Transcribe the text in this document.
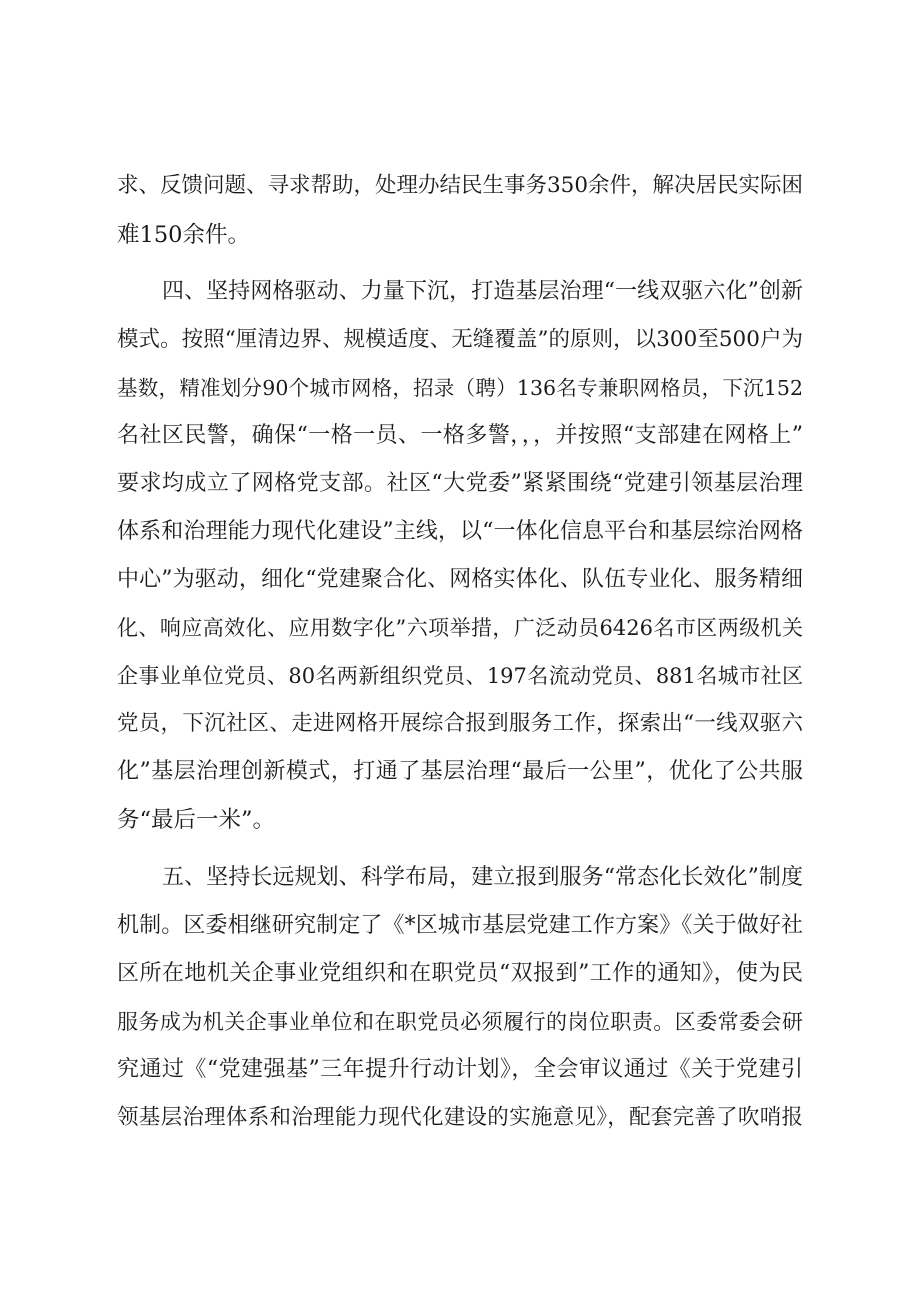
求、反馈问题、寻求帮助，处理办结民生事务350余件，解决居民实际困
难150余件。
四、坚持网格驱动、力量下沉，打造基层治理“一线双驱六化”创新
模式。按照“厘清边界、规模适度、无缝覆盖”的原则，以300至500户为
基数，精准划分90个城市网格，招录（聘）136名专兼职网格员，下沉152
名社区民警，确保“一格一员、一格多警，，，并按照“支部建在网格上”
要求均成立了网格党支部。社区“大党委”紧紧围绕“党建引领基层治理
体系和治理能力现代化建设”主线，以“一体化信息平台和基层综治网格
中心”为驱动，细化“党建聚合化、网格实体化、队伍专业化、服务精细
化、响应高效化、应用数字化”六项举措，广泛动员6426名市区两级机关
企事业单位党员、80名两新组织党员、197名流动党员、881名城市社区
党员，下沉社区、走进网格开展综合报到服务工作，探索出“一线双驱六
化”基层治理创新模式，打通了基层治理“最后一公里”，优化了公共服
务“最后一米”。
五、坚持长远规划、科学布局，建立报到服务“常态化长效化”制度
机制。区委相继研究制定了《*区城市基层党建工作方案》《关于做好社
区所在地机关企事业党组织和在职党员“双报到”工作的通知》，使为民
服务成为机关企事业单位和在职党员必须履行的岗位职责。区委常委会研
究通过《“党建强基”三年提升行动计划》，全会审议通过《关于党建引
领基层治理体系和治理能力现代化建设的实施意见》，配套完善了吹哨报
